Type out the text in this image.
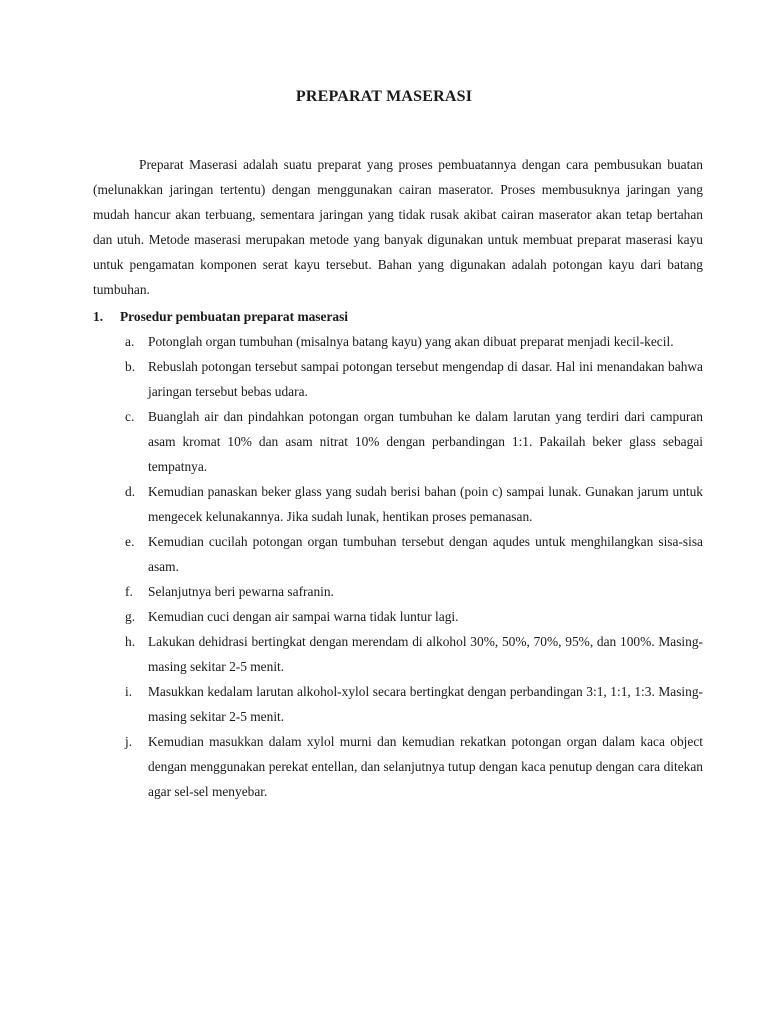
PREPARAT MASERASI

Preparat Maserasi adalah suatu preparat yang proses pembuatannya dengan cara pembusukan buatan (melunakkan jaringan tertentu) dengan menggunakan cairan maserator. Proses membusuknya jaringan yang mudah hancur akan terbuang, sementara jaringan yang tidak rusak akibat cairan maserator akan tetap bertahan dan utuh. Metode maserasi merupakan metode yang banyak digunakan untuk membuat preparat maserasi kayu untuk pengamatan komponen serat kayu tersebut. Bahan yang digunakan adalah potongan kayu dari batang tumbuhan.

1.	Prosedur pembuatan preparat maserasi
a.	Potonglah organ tumbuhan (misalnya batang kayu) yang akan dibuat preparat menjadi kecil-kecil.
b. Rebuslah potongan tersebut sampai potongan tersebut mengendap di dasar. Hal ini menandakan bahwa jaringan tersebut bebas udara.
c.	Buanglah air dan pindahkan potongan organ tumbuhan ke dalam larutan yang terdiri dari campuran asam kromat 10% dan asam nitrat 10% dengan perbandingan 1:1. Pakailah beker glass sebagai tempatnya.
d. Kemudian panaskan beker glass yang sudah berisi bahan (poin c) sampai lunak. Gunakan jarum untuk mengecek kelunakannya. Jika sudah lunak, hentikan proses pemanasan.
e.	Kemudian cucilah potongan organ tumbuhan tersebut dengan aqudes untuk menghilangkan sisa-sisa asam.
f.	Selanjutnya beri pewarna safranin.
g. Kemudian cuci dengan air sampai warna tidak luntur lagi.
h. Lakukan dehidrasi bertingkat dengan merendam di alkohol 30%, 50%, 70%, 95%, dan 100%. Masing-masing sekitar 2-5 menit.
i.	Masukkan kedalam larutan alkohol-xylol secara bertingkat dengan perbandingan 3:1, 1:1, 1:3. Masing-masing sekitar 2-5 menit.
j.	Kemudian masukkan dalam xylol murni dan kemudian rekatkan potongan organ dalam kaca object dengan menggunakan perekat entellan, dan selanjutnya tutup dengan kaca penutup dengan cara ditekan agar sel-sel menyebar.
